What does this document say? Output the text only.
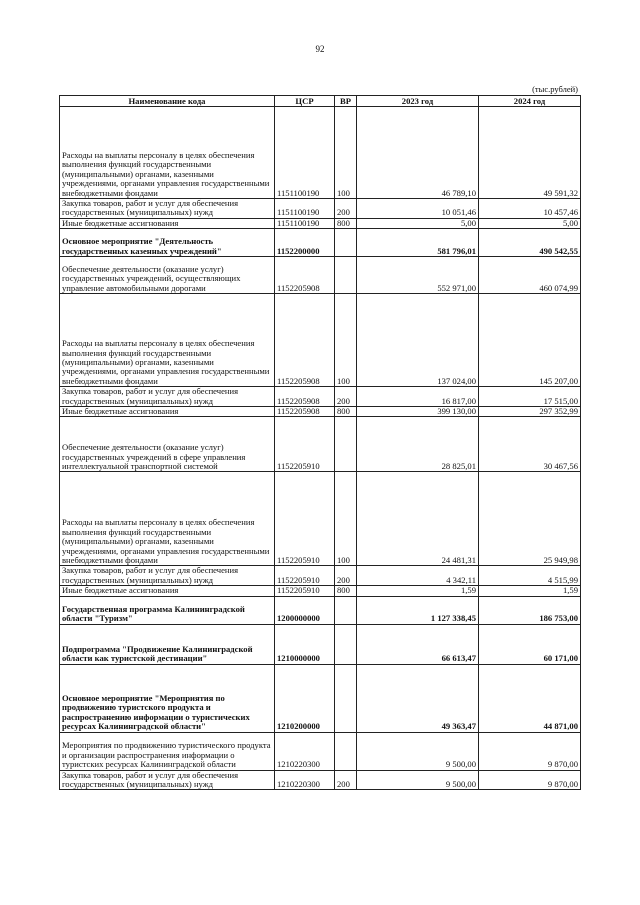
92
(тыс.рублей)
Наименование кода	ЦСР	ВР	2023 год	2024 год
Расходы на выплаты персоналу в целях обеспечения выполнения функций государственными (муниципальными) органами, казенными учреждениями, органами управления государственными внебюджетными фондами	1151100190	100	46 789,10	49 591,32
Закупка товаров, работ и услуг для обеспечения государственных (муниципальных) нужд	1151100190	200	10 051,46	10 457,46
Иные бюджетные ассигнования	1151100190	800	5,00	5,00
Основное мероприятие "Деятельность государственных казенных учреждений"	1152200000		581 796,01	490 542,55
Обеспечение деятельности (оказание услуг) государственных учреждений, осуществляющих управление автомобильными дорогами	1152205908		552 971,00	460 074,99
Расходы на выплаты персоналу в целях обеспечения выполнения функций государственными (муниципальными) органами, казенными учреждениями, органами управления государственными внебюджетными фондами	1152205908	100	137 024,00	145 207,00
Закупка товаров, работ и услуг для обеспечения государственных (муниципальных) нужд	1152205908	200	16 817,00	17 515,00
Иные бюджетные ассигнования	1152205908	800	399 130,00	297 352,99
Обеспечение деятельности (оказание услуг) государственных учреждений в сфере управления интеллектуальной транспортной системой	1152205910		28 825,01	30 467,56
Расходы на выплаты персоналу в целях обеспечения выполнения функций государственными (муниципальными) органами, казенными учреждениями, органами управления государственными внебюджетными фондами	1152205910	100	24 481,31	25 949,98
Закупка товаров, работ и услуг для обеспечения государственных (муниципальных) нужд	1152205910	200	4 342,11	4 515,99
Иные бюджетные ассигнования	1152205910	800	1,59	1,59
Государственная программа Калининградской области "Туризм"	1200000000		1 127 338,45	186 753,00
Подпрограмма "Продвижение Калининградской области как туристской дестинации"	1210000000		66 613,47	60 171,00
Основное мероприятие "Мероприятия по продвижению туристского продукта и распространению информации о туристических ресурсах Калининградской области"	1210200000		49 363,47	44 871,00
Мероприятия по продвижению туристического продукта и организации распространения информации о туристских ресурсах Калининградской области	1210220300		9 500,00	9 870,00
Закупка товаров, работ и услуг для обеспечения государственных (муниципальных) нужд	1210220300	200	9 500,00	9 870,00
